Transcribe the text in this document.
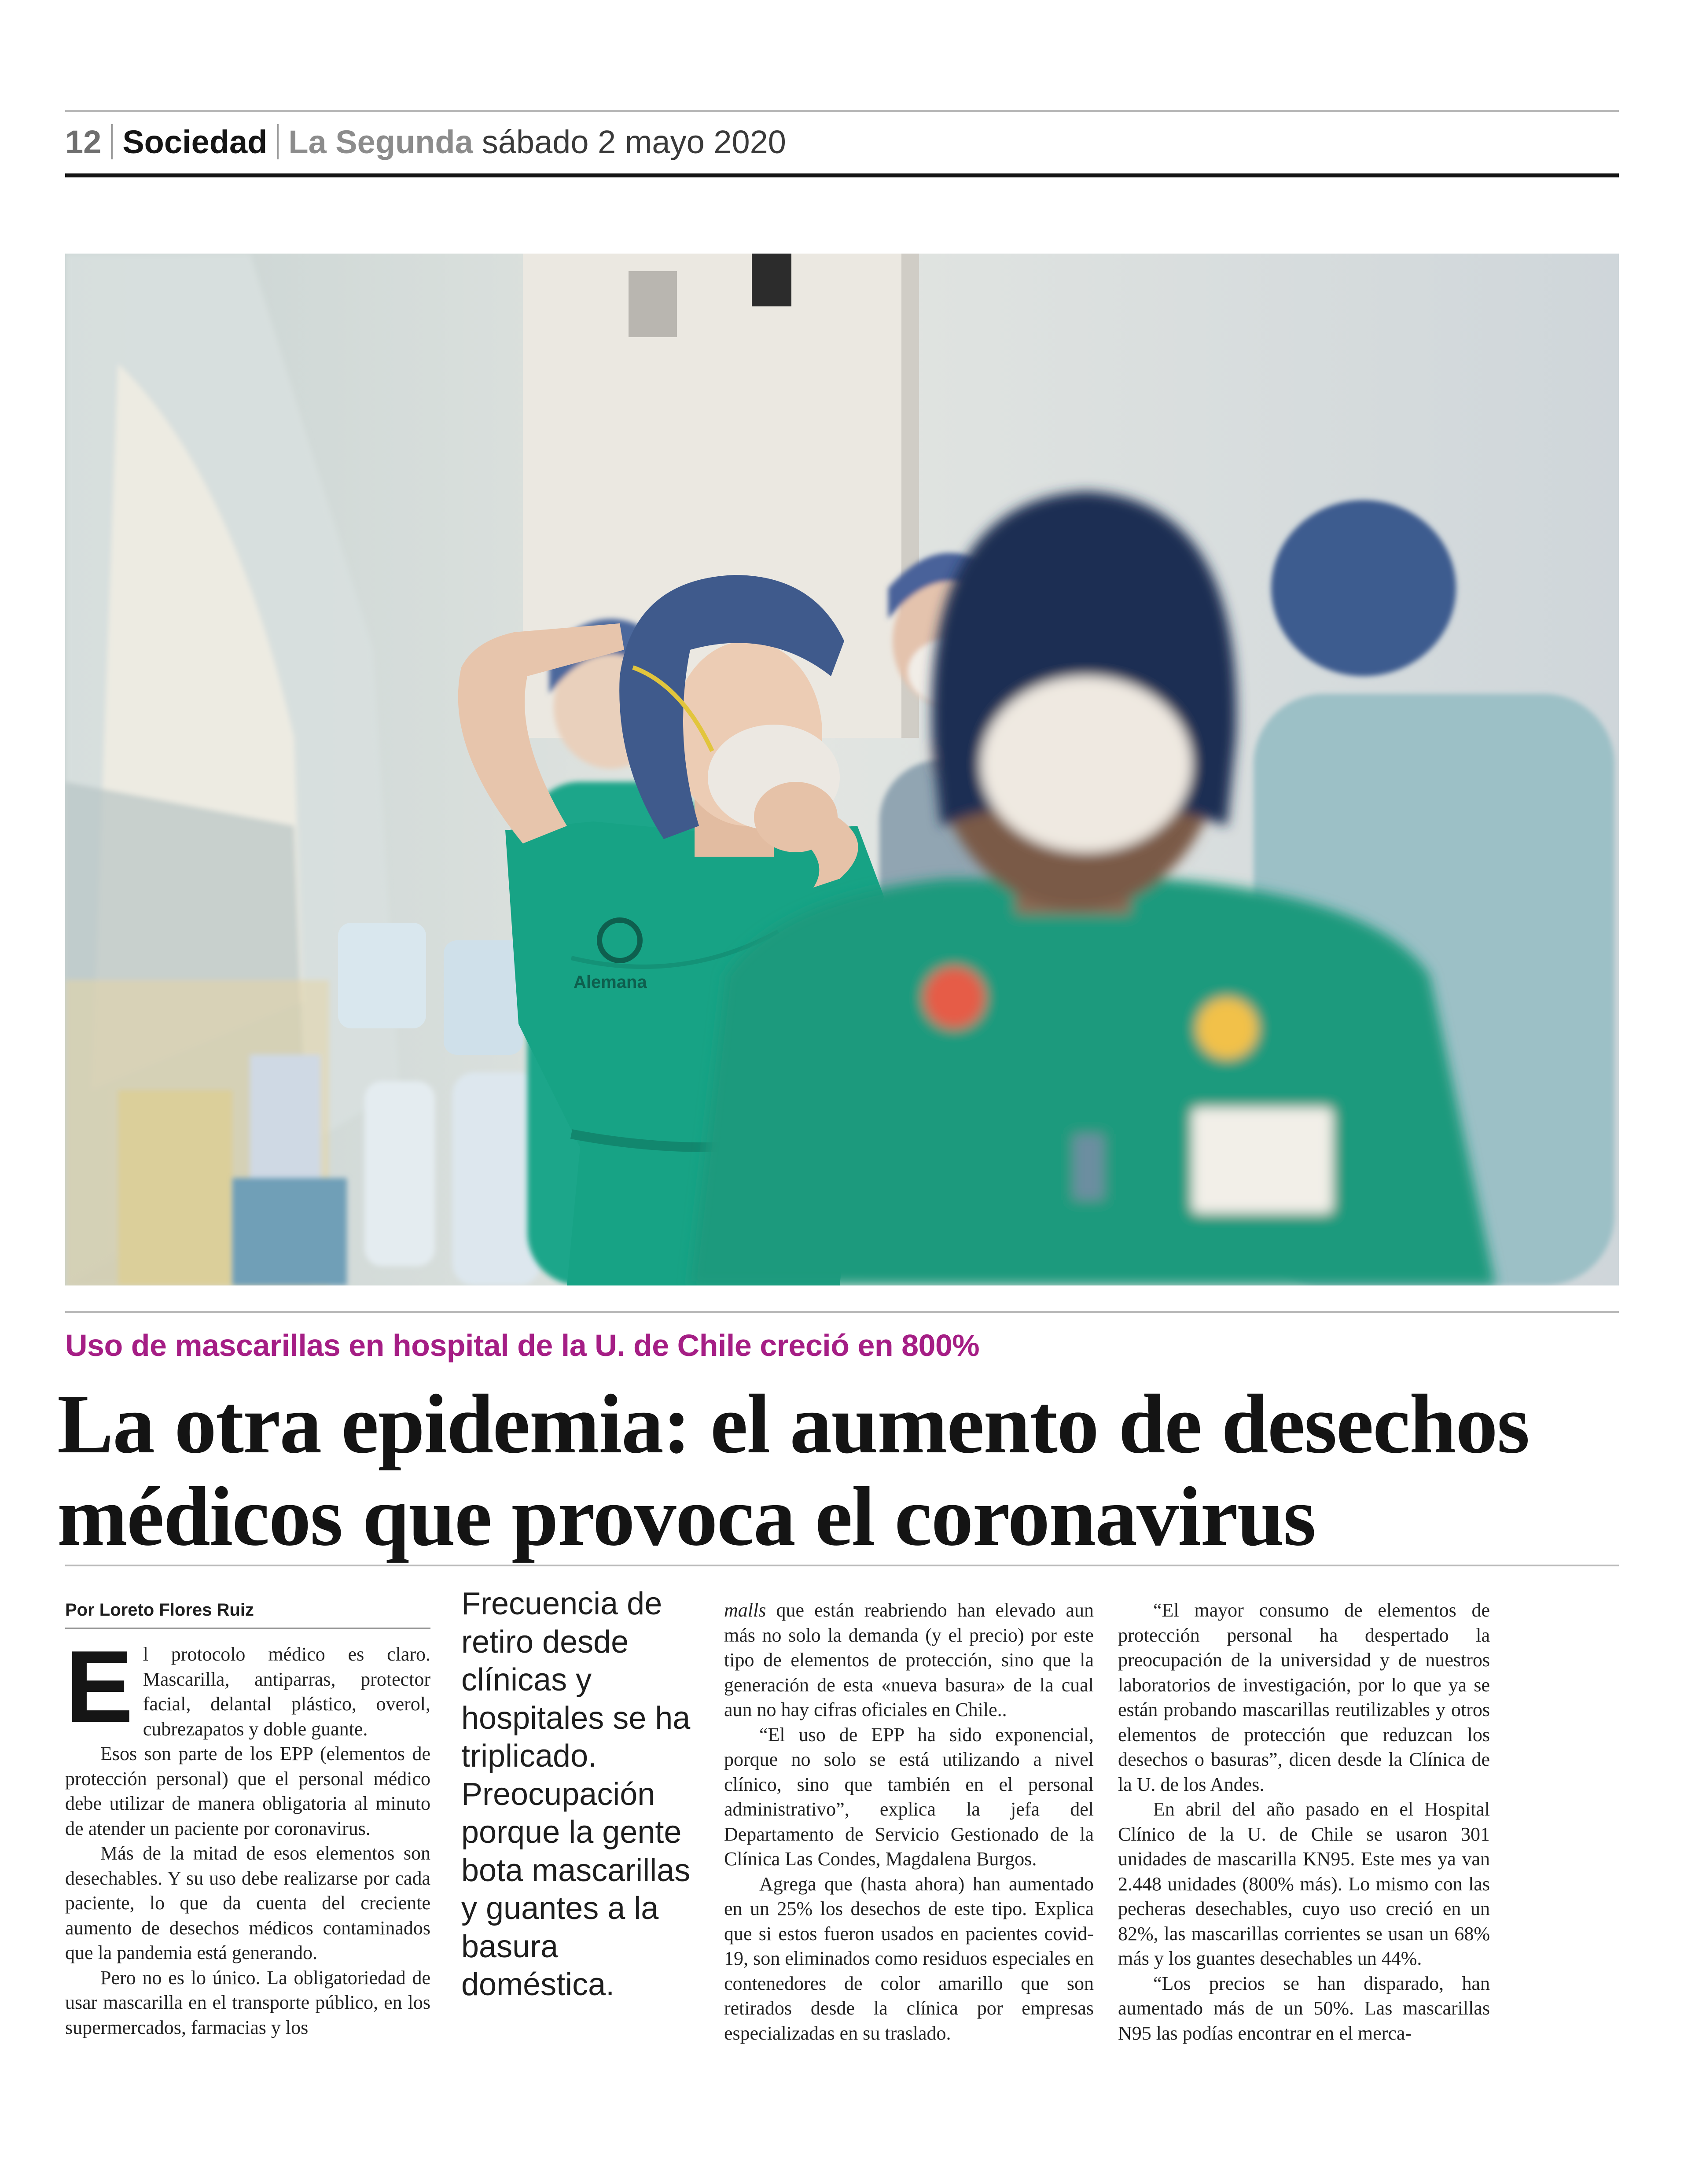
12 Sociedad La Segunda sábado 2 mayo 2020
Alemana
Uso de mascarillas en hospital de la U. de Chile creció en 800%
La otra epidemia: el aumento de desechos médicos que provoca el coronavirus
Por Loreto Flores Ruiz

El protocolo médico es claro. Mascarilla, antiparras, protector facial, delantal plástico, overol, cubrezapatos y doble guante.

Esos son parte de los EPP (elementos de protección personal) que el personal médico debe utilizar de manera obligatoria al minuto de atender un paciente por coronavirus.

Más de la mitad de esos elementos son desechables. Y su uso debe realizarse por cada paciente, lo que da cuenta del creciente aumento de desechos médicos contaminados que la pandemia está generando.

Pero no es lo único. La obligatoriedad de usar mascarilla en el transporte público, en los supermercados, farmacias y los

Frecuencia de retiro desde clínicas y hospitales se ha triplicado. Preocupación porque la gente bota mascarillas y guantes a la basura doméstica.

malls que están reabriendo han elevado aun más no solo la demanda (y el precio) por este tipo de elementos de protección, sino que la generación de esta «nueva basura» de la cual aun no hay cifras oficiales en Chile..

“El uso de EPP ha sido exponencial, porque no solo se está utilizando a nivel clínico, sino que también en el personal administrativo”, explica la jefa del Departamento de Servicio Gestionado de la Clínica Las Condes, Magdalena Burgos.

Agrega que (hasta ahora) han aumentado en un 25% los desechos de este tipo. Explica que si estos fueron usados en pacientes covid-19, son eliminados como residuos especiales en contenedores de color amarillo que son retirados desde la clínica por empresas especializadas en su traslado.

“El mayor consumo de elementos de protección personal ha despertado la preocupación de la universidad y de nuestros laboratorios de investigación, por lo que ya se están probando mascarillas reutilizables y otros elementos de protección que reduzcan los desechos o basuras”, dicen desde la Clínica de la U. de los Andes.

En abril del año pasado en el Hospital Clínico de la U. de Chile se usaron 301 unidades de mascarilla KN95. Este mes ya van 2.448 unidades (800% más). Lo mismo con las pecheras desechables, cuyo uso creció en un 82%, las mascarillas corrientes se usan un 68% más y los guantes desechables un 44%.

“Los precios se han disparado, han aumentado más de un 50%. Las mascarillas N95 las podías encontrar en el merca-
